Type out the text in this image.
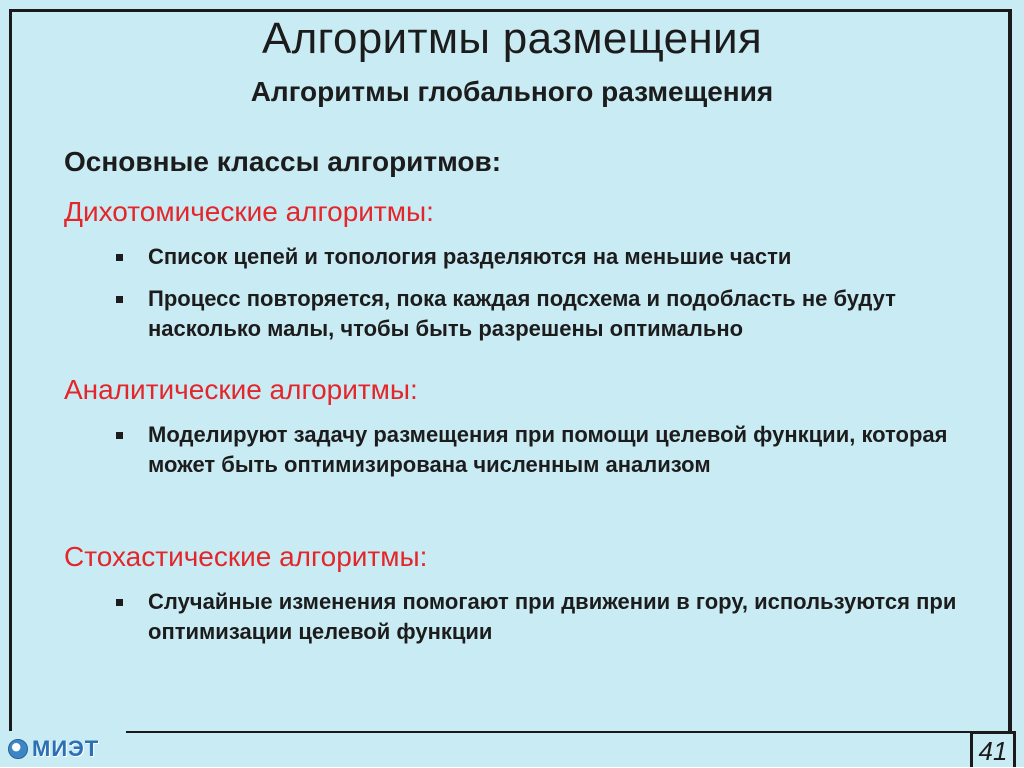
Алгоритмы размещения
Алгоритмы глобального размещения
Основные классы алгоритмов:
Дихотомические алгоритмы:
Список цепей и топология разделяются на меньшие части
Процесс повторяется, пока каждая подсхема и подобласть не будут насколько малы, чтобы быть разрешены оптимально
Аналитические алгоритмы:
Моделируют задачу размещения при помощи целевой функции, которая может быть оптимизирована численным анализом
Стохастические алгоритмы:
Случайные изменения помогают при движении в гору, используются при оптимизации целевой функции
МИЭТ	41
